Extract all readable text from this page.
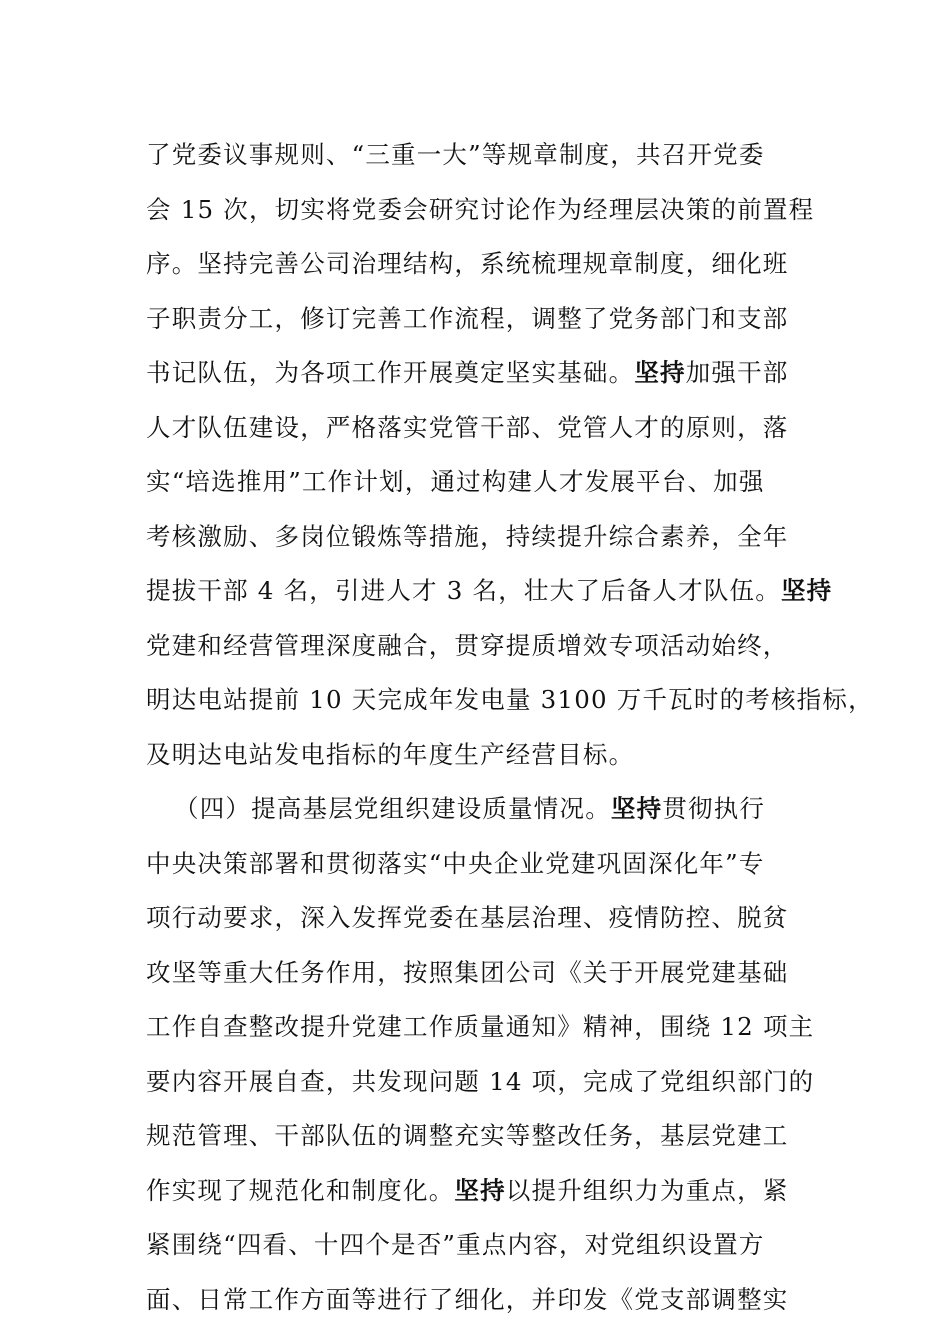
了党委议事规则、“三重一大”等规章制度，共召开党委
会 15 次，切实将党委会研究讨论作为经理层决策的前置程
序。坚持完善公司治理结构，系统梳理规章制度，细化班
子职责分工，修订完善工作流程，调整了党务部门和支部
书记队伍，为各项工作开展奠定坚实基础。坚持加强干部
人才队伍建设，严格落实党管干部、党管人才的原则，落
实“培选推用”工作计划，通过构建人才发展平台、加强
考核激励、多岗位锻炼等措施，持续提升综合素养，全年
提拔干部 4 名，引进人才 3 名，壮大了后备人才队伍。坚持
党建和经营管理深度融合，贯穿提质增效专项活动始终，
明达电站提前 10 天完成年发电量 3100 万千瓦时的考核指标，
及明达电站发电指标的年度生产经营目标。
（四）提高基层党组织建设质量情况。坚持贯彻执行
中央决策部署和贯彻落实“中央企业党建巩固深化年”专
项行动要求，深入发挥党委在基层治理、疫情防控、脱贫
攻坚等重大任务作用，按照集团公司《关于开展党建基础
工作自查整改提升党建工作质量通知》精神，围绕 12 项主
要内容开展自查，共发现问题 14 项，完成了党组织部门的
规范管理、干部队伍的调整充实等整改任务，基层党建工
作实现了规范化和制度化。坚持以提升组织力为重点，紧
紧围绕“四看、十四个是否”重点内容，对党组织设置方
面、日常工作方面等进行了细化，并印发《党支部调整实
